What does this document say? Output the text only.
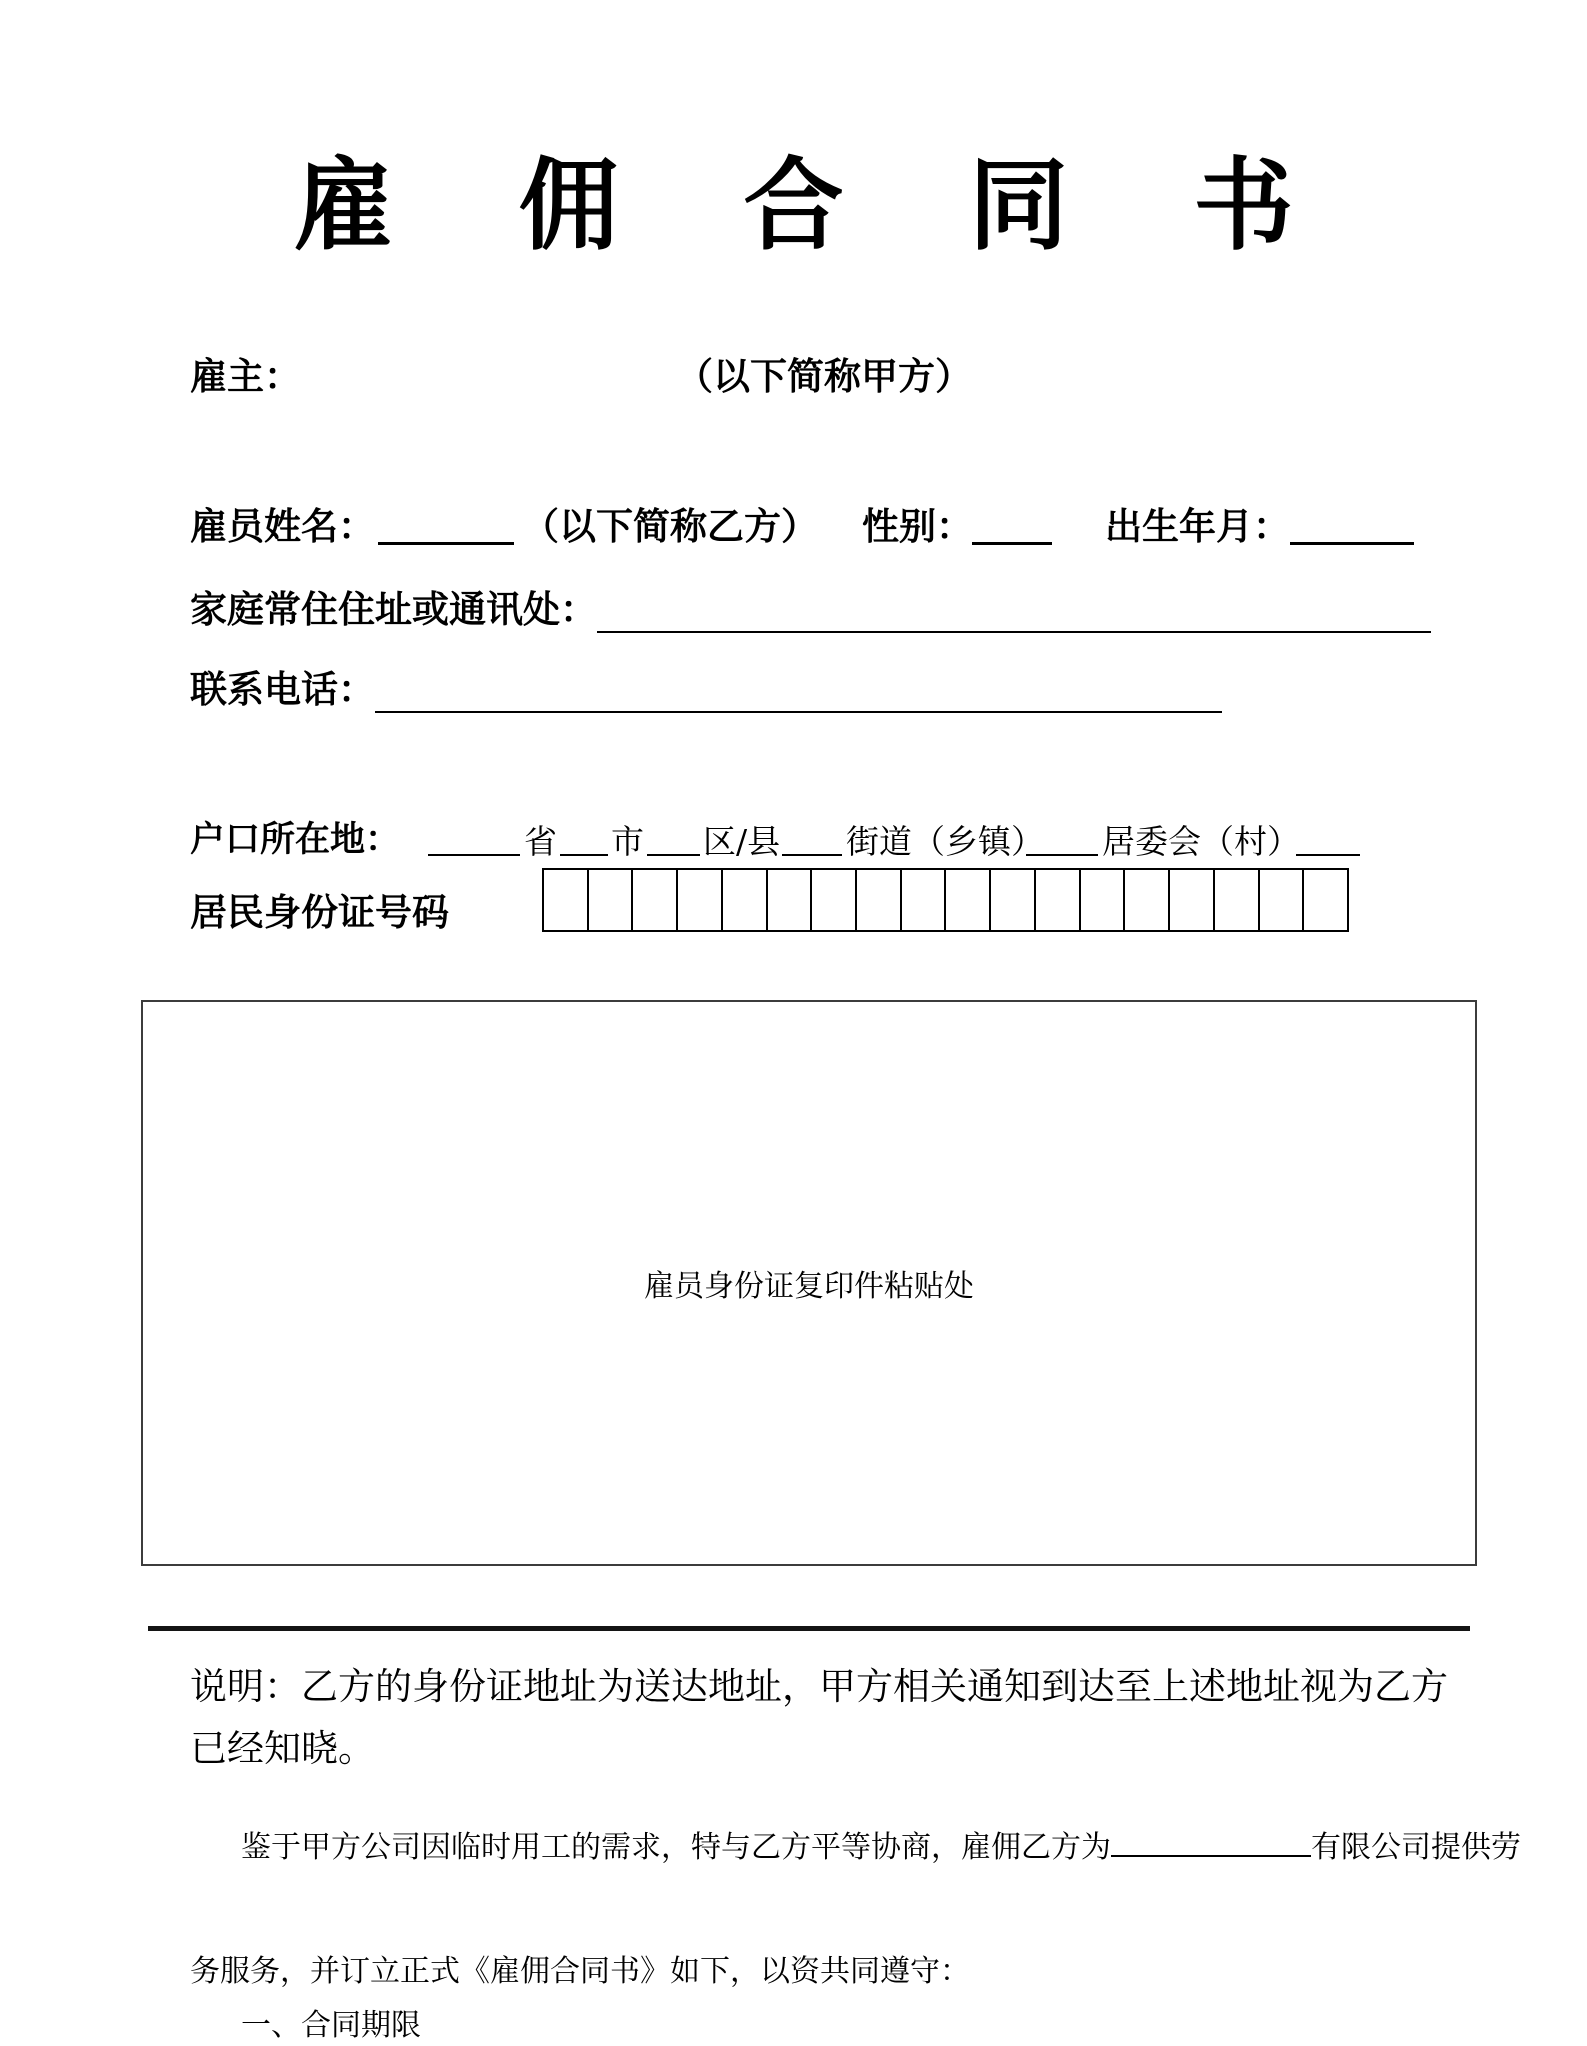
雇佣合同书
雇主：	（以下简称甲方）
雇员姓名：	（以下简称乙方） 性别：	出生年月：
家庭常住住址或通讯处：
联系电话：
户口所在地：	省 市 区/县 街道（乡镇） 居委会（村）
居民身份证号码
雇员身份证复印件粘贴处
说明：乙方的身份证地址为送达地址，甲方相关通知到达至上述地址视为乙方
已经知晓。
鉴于甲方公司因临时用工的需求，特与乙方平等协商，雇佣乙方为	有限公司提供劳
务服务，并订立正式《雇佣合同书》如下，以资共同遵守：
一、合同期限
